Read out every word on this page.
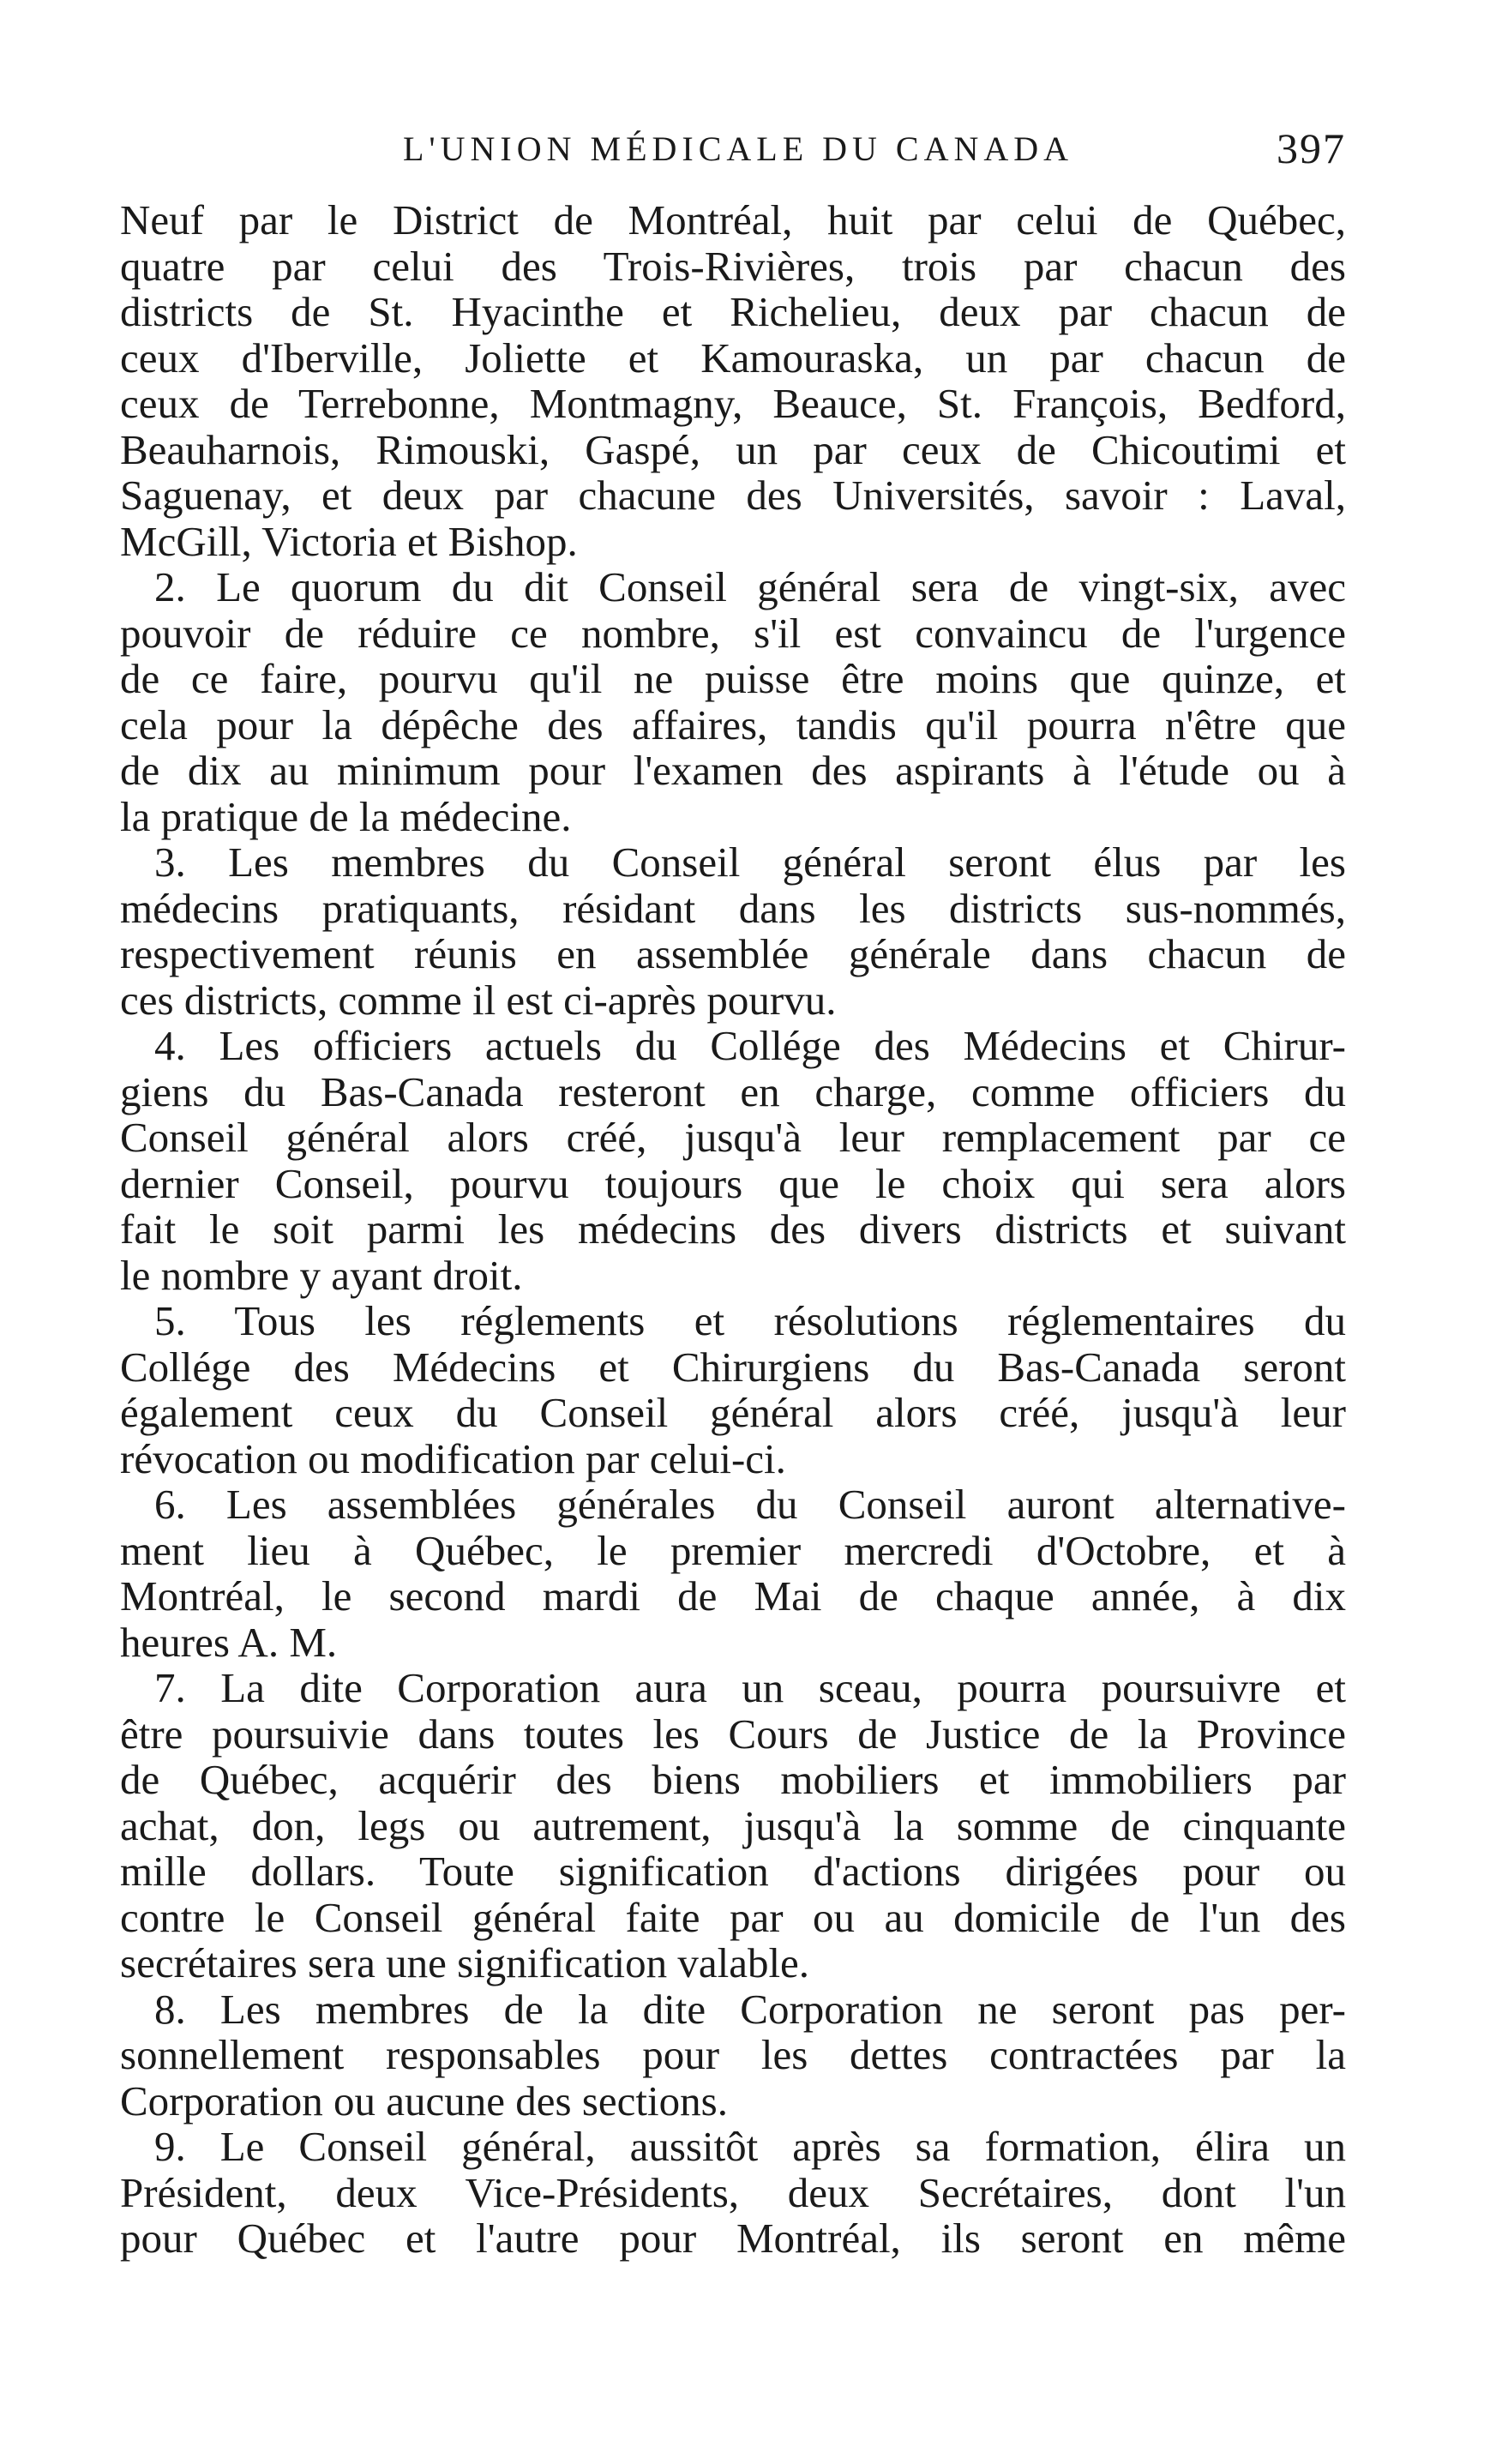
L'UNION MÉDICALE DU CANADA	397
Neuf par le District de Montréal, huit par celui de Québec,
quatre par celui des Trois-Rivières, trois par chacun des
districts de St. Hyacinthe et Richelieu, deux par chacun de
ceux d'Iberville, Joliette et Kamouraska, un par chacun de
ceux de Terrebonne, Montmagny, Beauce, St. François, Bedford,
Beauharnois, Rimouski, Gaspé, un par ceux de Chicoutimi et
Saguenay, et deux par chacune des Universités, savoir : Laval,
McGill, Victoria et Bishop.
2. Le quorum du dit Conseil général sera de vingt-six, avec
pouvoir de réduire ce nombre, s'il est convaincu de l'urgence
de ce faire, pourvu qu'il ne puisse être moins que quinze, et
cela pour la dépêche des affaires, tandis qu'il pourra n'être que
de dix au minimum pour l'examen des aspirants à l'étude ou à
la pratique de la médecine.
3. Les membres du Conseil général seront élus par les
médecins pratiquants, résidant dans les districts sus-nommés,
respectivement réunis en assemblée générale dans chacun de
ces districts, comme il est ci-après pourvu.
4. Les officiers actuels du Collége des Médecins et Chirur-
giens du Bas-Canada resteront en charge, comme officiers du
Conseil général alors créé, jusqu'à leur remplacement par ce
dernier Conseil, pourvu toujours que le choix qui sera alors
fait le soit parmi les médecins des divers districts et suivant
le nombre y ayant droit.
5. Tous les réglements et résolutions réglementaires du
Collége des Médecins et Chirurgiens du Bas-Canada seront
également ceux du Conseil général alors créé, jusqu'à leur
révocation ou modification par celui-ci.
6. Les assemblées générales du Conseil auront alternative-
ment lieu à Québec, le premier mercredi d'Octobre, et à
Montréal, le second mardi de Mai de chaque année, à dix
heures A. M.
7. La dite Corporation aura un sceau, pourra poursuivre et
être poursuivie dans toutes les Cours de Justice de la Province
de Québec, acquérir des biens mobiliers et immobiliers par
achat, don, legs ou autrement, jusqu'à la somme de cinquante
mille dollars. Toute signification d'actions dirigées pour ou
contre le Conseil général faite par ou au domicile de l'un des
secrétaires sera une signification valable.
8. Les membres de la dite Corporation ne seront pas per-
sonnellement responsables pour les dettes contractées par la
Corporation ou aucune des sections.
9. Le Conseil général, aussitôt après sa formation, élira un
Président, deux Vice-Présidents, deux Secrétaires, dont l'un
pour Québec et l'autre pour Montréal, ils seront en même
